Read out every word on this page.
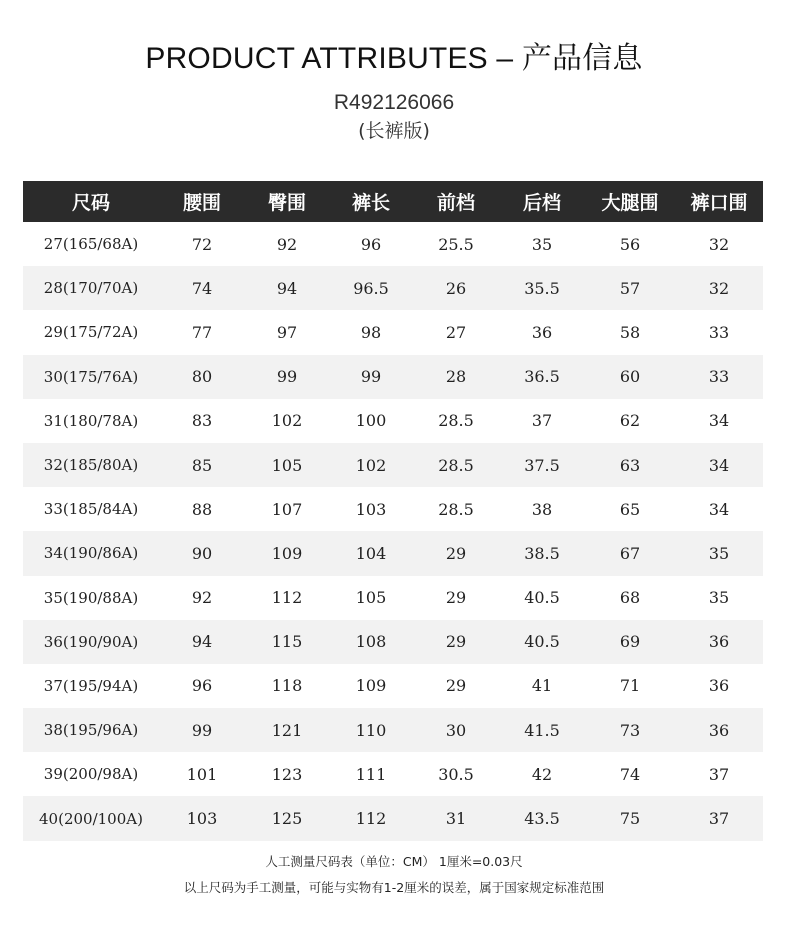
PRODUCT ATTRIBUTES – 产品信息
R492126066
(长裤版)
尺码	腰围	臀围	裤长	前档	后档	大腿围	裤口围
27(165/68A)	72	92	96	25.5	35	56	32
28(170/70A)	74	94	96.5	26	35.5	57	32
29(175/72A)	77	97	98	27	36	58	33
30(175/76A)	80	99	99	28	36.5	60	33
31(180/78A)	83	102	100	28.5	37	62	34
32(185/80A)	85	105	102	28.5	37.5	63	34
33(185/84A)	88	107	103	28.5	38	65	34
34(190/86A)	90	109	104	29	38.5	67	35
35(190/88A)	92	112	105	29	40.5	68	35
36(190/90A)	94	115	108	29	40.5	69	36
37(195/94A)	96	118	109	29	41	71	36
38(195/96A)	99	121	110	30	41.5	73	36
39(200/98A)	101	123	111	30.5	42	74	37
40(200/100A)	103	125	112	31	43.5	75	37
人工测量尺码表（单位：CM） 1厘米=0.03尺
以上尺码为手工测量，可能与实物有1-2厘米的误差，属于国家规定标准范围
